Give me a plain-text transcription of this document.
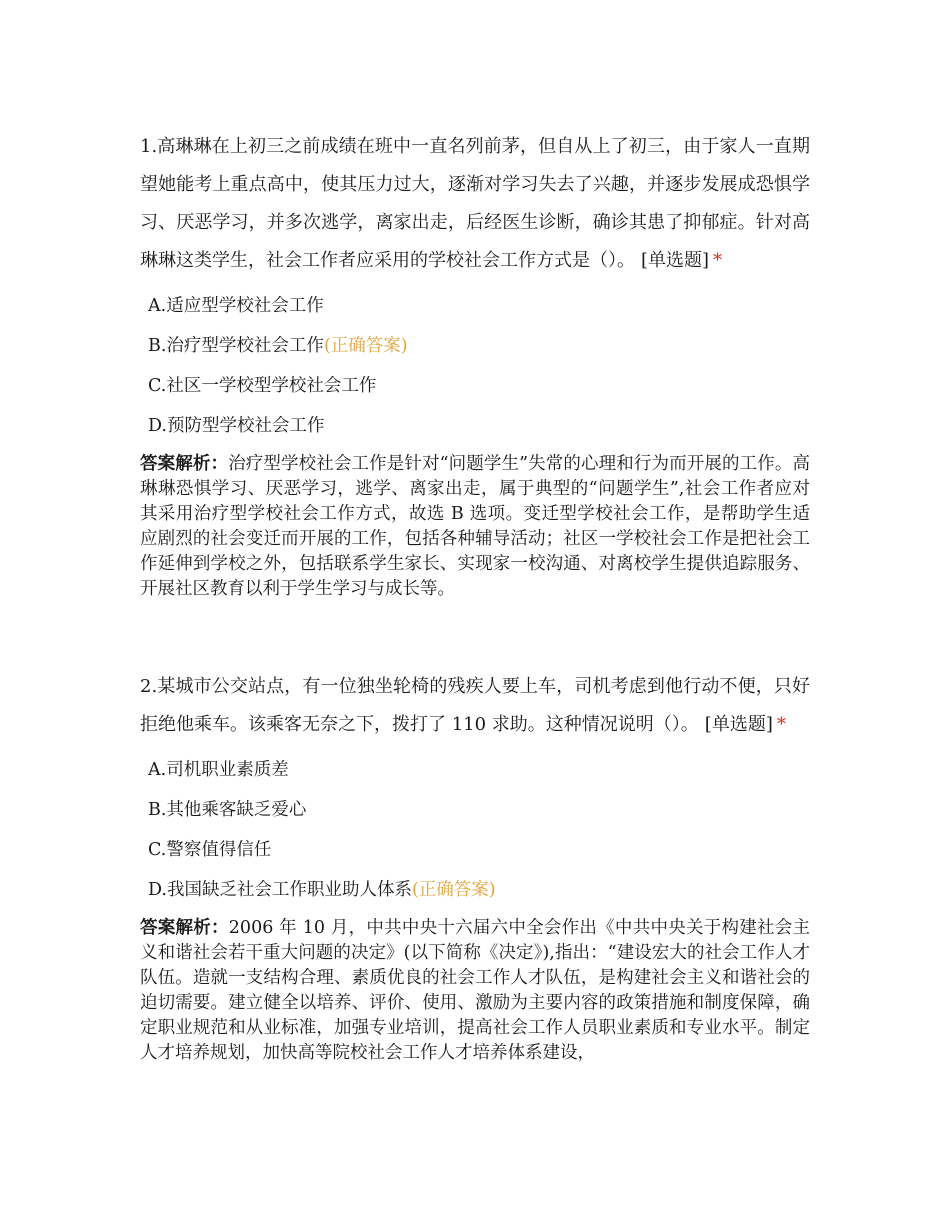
1.高琳琳在上初三之前成绩在班中一直名列前茅，但自从上了初三，由于家人一直期望她能考上重点高中，使其压力过大，逐渐对学习失去了兴趣，并逐步发展成恐惧学习、厌恶学习，并多次逃学，离家出走，后经医生诊断，确诊其患了抑郁症。针对高琳琳这类学生，社会工作者应采用的学校社会工作方式是（）。 [单选题] *

A.适应型学校社会工作
B.治疗型学校社会工作(正确答案)
C.社区一学校型学校社会工作
D.预防型学校社会工作

答案解析：治疗型学校社会工作是针对“问题学生”失常的心理和行为而开展的工作。高琳琳恐惧学习、厌恶学习，逃学、离家出走，属于典型的“问题学生”,社会工作者应对其采用治疗型学校社会工作方式，故选 B 选项。变迁型学校社会工作，是帮助学生适应剧烈的社会变迁而开展的工作，包括各种辅导活动；社区一学校社会工作是把社会工作延伸到学校之外，包括联系学生家长、实现家一校沟通、对离校学生提供追踪服务、开展社区教育以利于学生学习与成长等。

2.某城市公交站点，有一位独坐轮椅的残疾人要上车，司机考虑到他行动不便，只好拒绝他乘车。该乘客无奈之下，拨打了 110 求助。这种情况说明（）。 [单选题] *

A.司机职业素质差
B.其他乘客缺乏爱心
C.警察值得信任
D.我国缺乏社会工作职业助人体系(正确答案)

答案解析：2006 年 10 月，中共中央十六届六中全会作出《中共中央关于构建社会主义和谐社会若干重大问题的决定》(以下简称《决定》),指出：“建设宏大的社会工作人才队伍。造就一支结构合理、素质优良的社会工作人才队伍，是构建社会主义和谐社会的迫切需要。建立健全以培养、评价、使用、激励为主要内容的政策措施和制度保障，确定职业规范和从业标准，加强专业培训，提高社会工作人员职业素质和专业水平。制定人才培养规划，加快高等院校社会工作人才培养体系建设，
